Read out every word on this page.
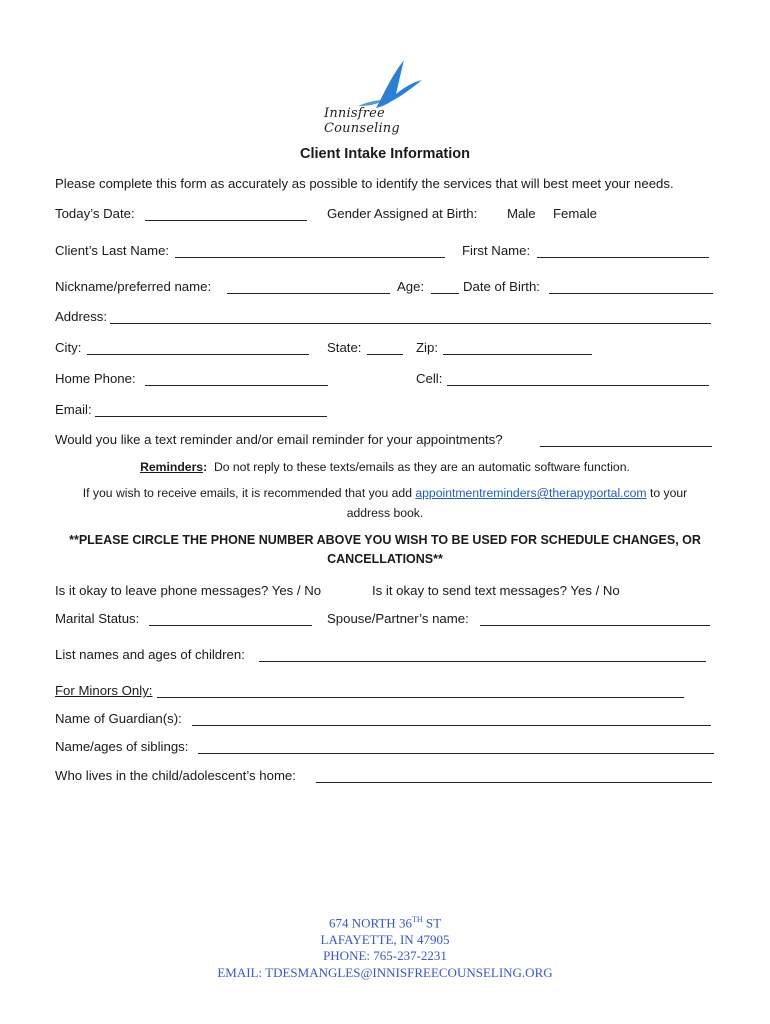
Innisfree Counseling
Client Intake Information
Please complete this form as accurately as possible to identify the services that will best meet your needs.
Today’s Date:	Gender Assigned at Birth: Male Female
Client’s Last Name:	First Name:
Nickname/preferred name:	Age:	Date of Birth:
Address:
City:	State:	Zip:
Home Phone:	Cell:
Email:
Would you like a text reminder and/or email reminder for your appointments?
Reminders: Do not reply to these texts/emails as they are an automatic software function.
If you wish to receive emails, it is recommended that you add appointmentreminders@therapyportal.com to your
address book.
**PLEASE CIRCLE THE PHONE NUMBER ABOVE YOU WISH TO BE USED FOR SCHEDULE CHANGES, OR
CANCELLATIONS**
Is it okay to leave phone messages? Yes / No	Is it okay to send text messages? Yes / No
Marital Status:	Spouse/Partner’s name:
List names and ages of children:
For Minors Only:
Name of Guardian(s):
Name/ages of siblings:
Who lives in the child/adolescent’s home:
674 NORTH 36TH ST
LAFAYETTE, IN 47905
PHONE: 765-237-2231
EMAIL: TDESMANGLES@INNISFREECOUNSELING.ORG
